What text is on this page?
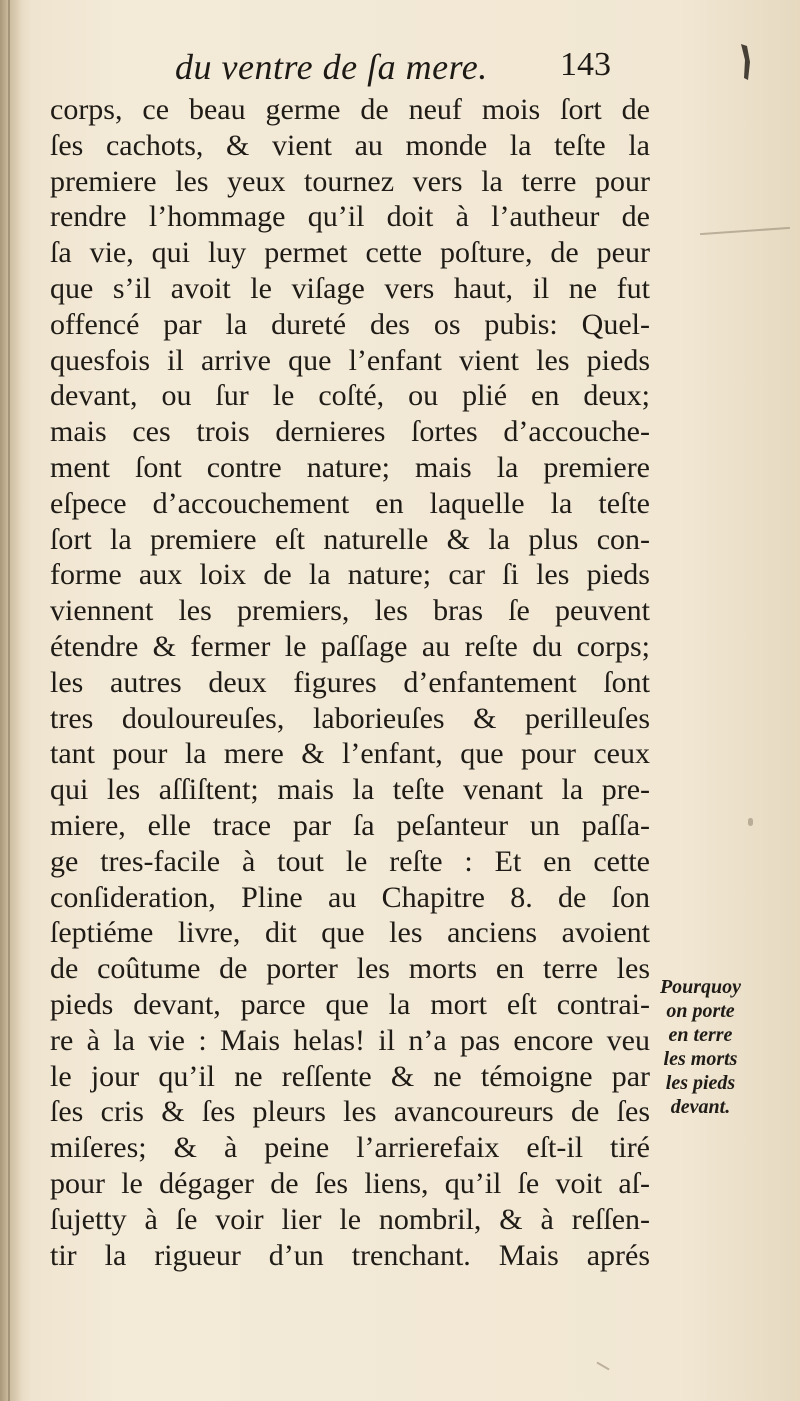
du ventre de ſa mere. 143
corps, ce beau germe de neuf mois ſort de
ſes cachots, & vient au monde la teſte la
premiere les yeux tournez vers la terre pour
rendre l’hommage qu’il doit à l’autheur de
ſa vie, qui luy permet cette poſture, de peur
que s’il avoit le viſage vers haut, il ne fut
offencé par la dureté des os pubis: Quel-
quesfois il arrive que l’enfant vient les pieds
devant, ou ſur le coſté, ou plié en deux;
mais ces trois dernieres ſortes d’accouche-
ment ſont contre nature; mais la premiere
eſpece d’accouchement en laquelle la teſte
ſort la premiere eſt naturelle & la plus con-
forme aux loix de la nature; car ſi les pieds
viennent les premiers, les bras ſe peuvent
étendre & fermer le paſſage au reſte du corps;
les autres deux figures d’enfantement ſont
tres douloureuſes, laborieuſes & perilleuſes
tant pour la mere & l’enfant, que pour ceux
qui les aſſiſtent; mais la teſte venant la pre-
miere, elle trace par ſa peſanteur un paſſa-
ge tres-facile à tout le reſte : Et en cette
conſideration, Pline au Chapitre 8. de ſon
ſeptiéme livre, dit que les anciens avoient
de coûtume de porter les morts en terre les
pieds devant, parce que la mort eſt contrai-
re à la vie : Mais helas! il n’a pas encore veu
le jour qu’il ne reſſente & ne témoigne par
ſes cris & ſes pleurs les avancoureurs de ſes
miſeres; & à peine l’arrierefaix eſt-il tiré
pour le dégager de ſes liens, qu’il ſe voit aſ-
ſujetty à ſe voir lier le nombril, & à reſſen-
tir la rigueur d’un trenchant. Mais aprés
Pourquoy
on porte
en terre
les morts
les pieds
devant.
